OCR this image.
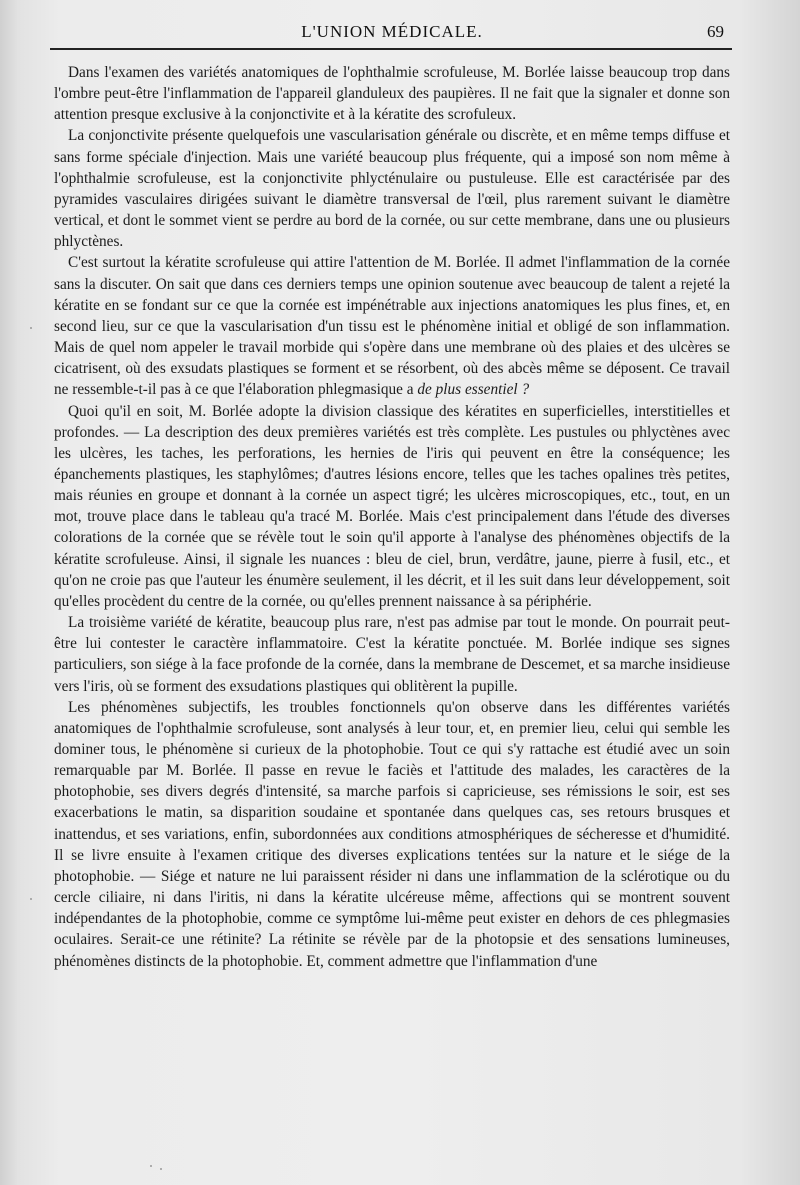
L'UNION MÉDICALE.	69

Dans l'examen des variétés anatomiques de l'ophthalmie scrofuleuse, M. Borlée laisse beaucoup trop dans l'ombre peut-être l'inflammation de l'appareil glanduleux des paupières. Il ne fait que la signaler et donne son attention presque exclusive à la conjonctivite et à la kératite des scrofuleux.

La conjonctivite présente quelquefois une vascularisation générale ou discrète, et en même temps diffuse et sans forme spéciale d'injection. Mais une variété beaucoup plus fréquente, qui a imposé son nom même à l'ophthalmie scrofuleuse, est la conjonctivite phlycténulaire ou pustuleuse. Elle est caractérisée par des pyramides vasculaires dirigées suivant le diamètre transversal de l'œil, plus rarement suivant le diamètre vertical, et dont le sommet vient se perdre au bord de la cornée, ou sur cette membrane, dans une ou plusieurs phlyctènes.

C'est surtout la kératite scrofuleuse qui attire l'attention de M. Borlée. Il admet l'inflammation de la cornée sans la discuter. On sait que dans ces derniers temps une opinion soutenue avec beaucoup de talent a rejeté la kératite en se fondant sur ce que la cornée est impénétrable aux injections anatomiques les plus fines, et, en second lieu, sur ce que la vascularisation d'un tissu est le phénomène initial et obligé de son inflammation. Mais de quel nom appeler le travail morbide qui s'opère dans une membrane où des plaies et des ulcères se cicatrisent, où des exsudats plastiques se forment et se résorbent, où des abcès même se déposent. Ce travail ne ressemble-t-il pas à ce que l'élaboration phlegmasique a de plus essentiel ?

Quoi qu'il en soit, M. Borlée adopte la division classique des kératites en superficielles, interstitielles et profondes. — La description des deux premières variétés est très complète. Les pustules ou phlyctènes avec les ulcères, les taches, les perforations, les hernies de l'iris qui peuvent en être la conséquence; les épanchements plastiques, les staphylômes; d'autres lésions encore, telles que les taches opalines très petites, mais réunies en groupe et donnant à la cornée un aspect tigré; les ulcères microscopiques, etc., tout, en un mot, trouve place dans le tableau qu'a tracé M. Borlée. Mais c'est principalement dans l'étude des diverses colorations de la cornée que se révèle tout le soin qu'il apporte à l'analyse des phénomènes objectifs de la kératite scrofuleuse. Ainsi, il signale les nuances : bleu de ciel, brun, verdâtre, jaune, pierre à fusil, etc., et qu'on ne croie pas que l'auteur les énumère seulement, il les décrit, et il les suit dans leur développement, soit qu'elles procèdent du centre de la cornée, ou qu'elles prennent naissance à sa périphérie.

La troisième variété de kératite, beaucoup plus rare, n'est pas admise par tout le monde. On pourrait peut-être lui contester le caractère inflammatoire. C'est la kératite ponctuée. M. Borlée indique ses signes particuliers, son siége à la face profonde de la cornée, dans la membrane de Descemet, et sa marche insidieuse vers l'iris, où se forment des exsudations plastiques qui oblitèrent la pupille.

Les phénomènes subjectifs, les troubles fonctionnels qu'on observe dans les différentes variétés anatomiques de l'ophthalmie scrofuleuse, sont analysés à leur tour, et, en premier lieu, celui qui semble les dominer tous, le phénomène si curieux de la photophobie. Tout ce qui s'y rattache est étudié avec un soin remarquable par M. Borlée. Il passe en revue le faciès et l'attitude des malades, les caractères de la photophobie, ses divers degrés d'intensité, sa marche parfois si capricieuse, ses rémissions le soir, est ses exacerbations le matin, sa disparition soudaine et spontanée dans quelques cas, ses retours brusques et inattendus, et ses variations, enfin, subordonnées aux conditions atmosphériques de sécheresse et d'humidité. Il se livre ensuite à l'examen critique des diverses explications tentées sur la nature et le siége de la photophobie. — Siége et nature ne lui paraissent résider ni dans une inflammation de la sclérotique ou du cercle ciliaire, ni dans l'iritis, ni dans la kératite ulcéreuse même, affections qui se montrent souvent indépendantes de la photophobie, comme ce symptôme lui-même peut exister en dehors de ces phlegmasies oculaires. Serait-ce une rétinite? La rétinite se révèle par de la photopsie et des sensations lumineuses, phénomènes distincts de la photophobie. Et, comment admettre que l'inflammation d'une
